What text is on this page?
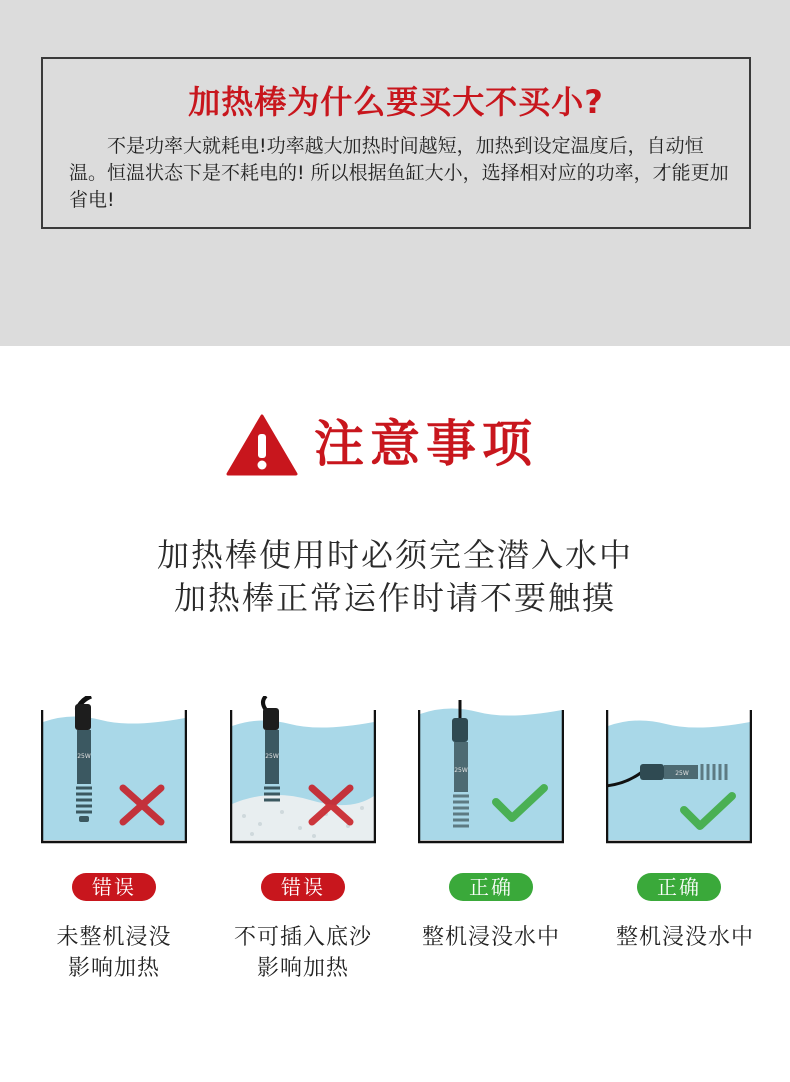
加热棒为什么要买大不买小?
不是功率大就耗电!功率越大加热时间越短，加热到设定温度后，自动恒温。恒温状态下是不耗电的! 所以根据鱼缸大小，选择相对应的功率，才能更加省电!
注意事项
加热棒使用时必须完全潜入水中
加热棒正常运作时请不要触摸
25W	25W
25W	25W
错误	错误	正确	正确
未整机浸没
影响加热
不可插入底沙
影响加热
整机浸没水中	整机浸没水中
